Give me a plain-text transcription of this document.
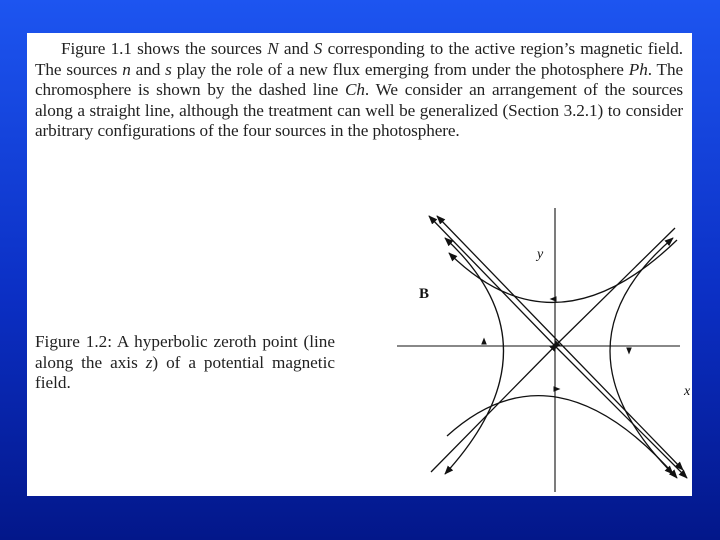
Figure 1.1 shows the sources N and S corresponding to the active region’s magnetic field. The sources n and s play the role of a new flux emerging from under the photosphere Ph. The chromosphere is shown by the dashed line Ch. We consider an arrangement of the sources along a straight line, although the treatment can well be generalized (Section 3.2.1) to consider arbitrary configurations of the four sources in the photosphere.

Figure 1.2: A hyperbolic zeroth point (line along the axis z) of a potential magnetic field.

B
x
y
